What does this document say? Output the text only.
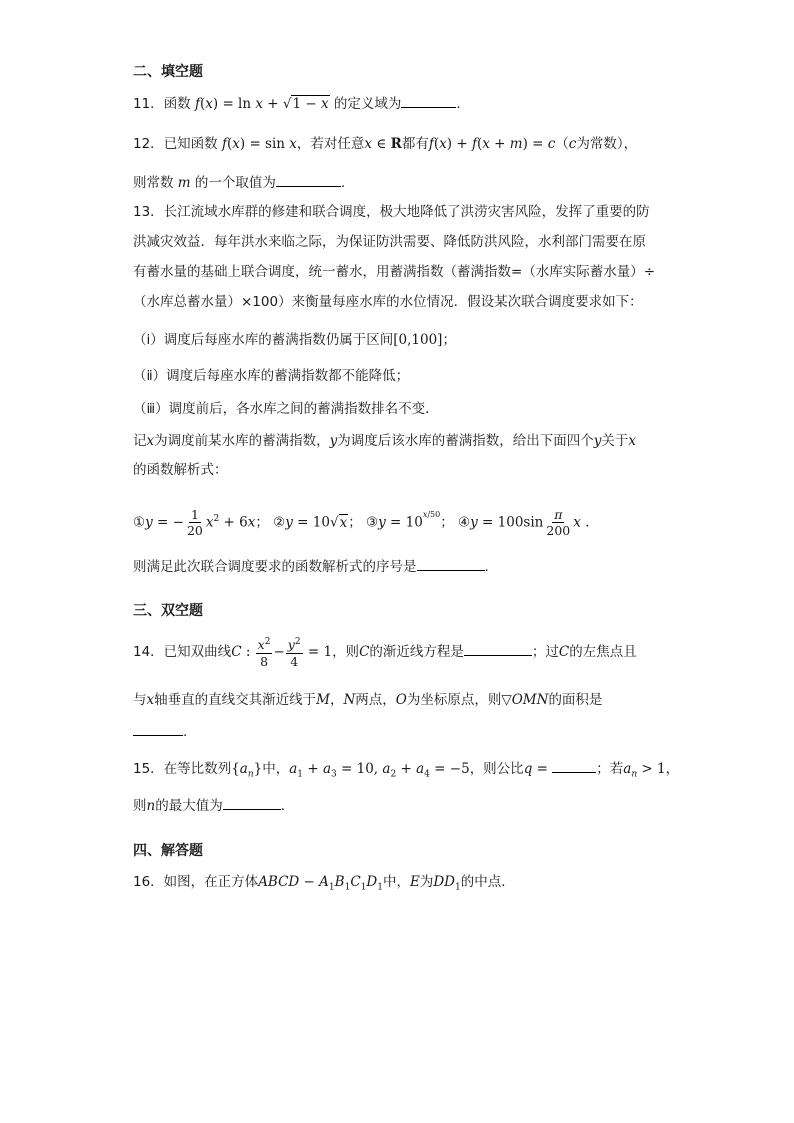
二、填空题
11．函数 f(x) = ln x + √1 − x 的定义域为	.
12．已知函数 f(x) = sin x，若对任意x ∈ R都有f(x) + f(x + m) = c（c为常数），
则常数 m 的一个取值为	.
13．长江流域水库群的修建和联合调度，极大地降低了洪涝灾害风险，发挥了重要的防
洪减灾效益．每年洪水来临之际，为保证防洪需要、降低防洪风险，水利部门需要在原
有蓄水量的基础上联合调度，统一蓄水，用蓄满指数（蓄满指数=（水库实际蓄水量）÷
（水库总蓄水量）×100）来衡量每座水库的水位情况．假设某次联合调度要求如下：
（ⅰ）调度后每座水库的蓄满指数仍属于区间[0,100]；
（ⅱ）调度后每座水库的蓄满指数都不能降低；
（ⅲ）调度前后，各水库之间的蓄满指数排名不变．
记x为调度前某水库的蓄满指数，y为调度后该水库的蓄满指数，给出下面四个y关于x
的函数解析式：
①y = − $\frac{1}{20} x^2 + 6x$； ②y = 10√x； ③y = $10^{x/50}$； ④y = $100\sin \frac{\pi}{200}$ x .
则满足此次联合调度要求的函数解析式的序号是	.
三、双空题
14．已知双曲线C : $\frac{x^2}{8} - \frac{y^2}{4} = 1$，则C的渐近线方程是	；过C的左焦点且
与x轴垂直的直线交其渐近线于M，N两点，O为坐标原点，则▽OMN的面积是
.
15．在等比数列$\{a_n\}$中，$a_1 + a_3 = 10$, $a_2 + a_4 = -5$，则公比q =	；若$a_n > 1$，
则n的最大值为	.
四、解答题
16．如图，在正方体ABCD − $A_1B_1C_1D_1$中，E为$DD_1$的中点．
